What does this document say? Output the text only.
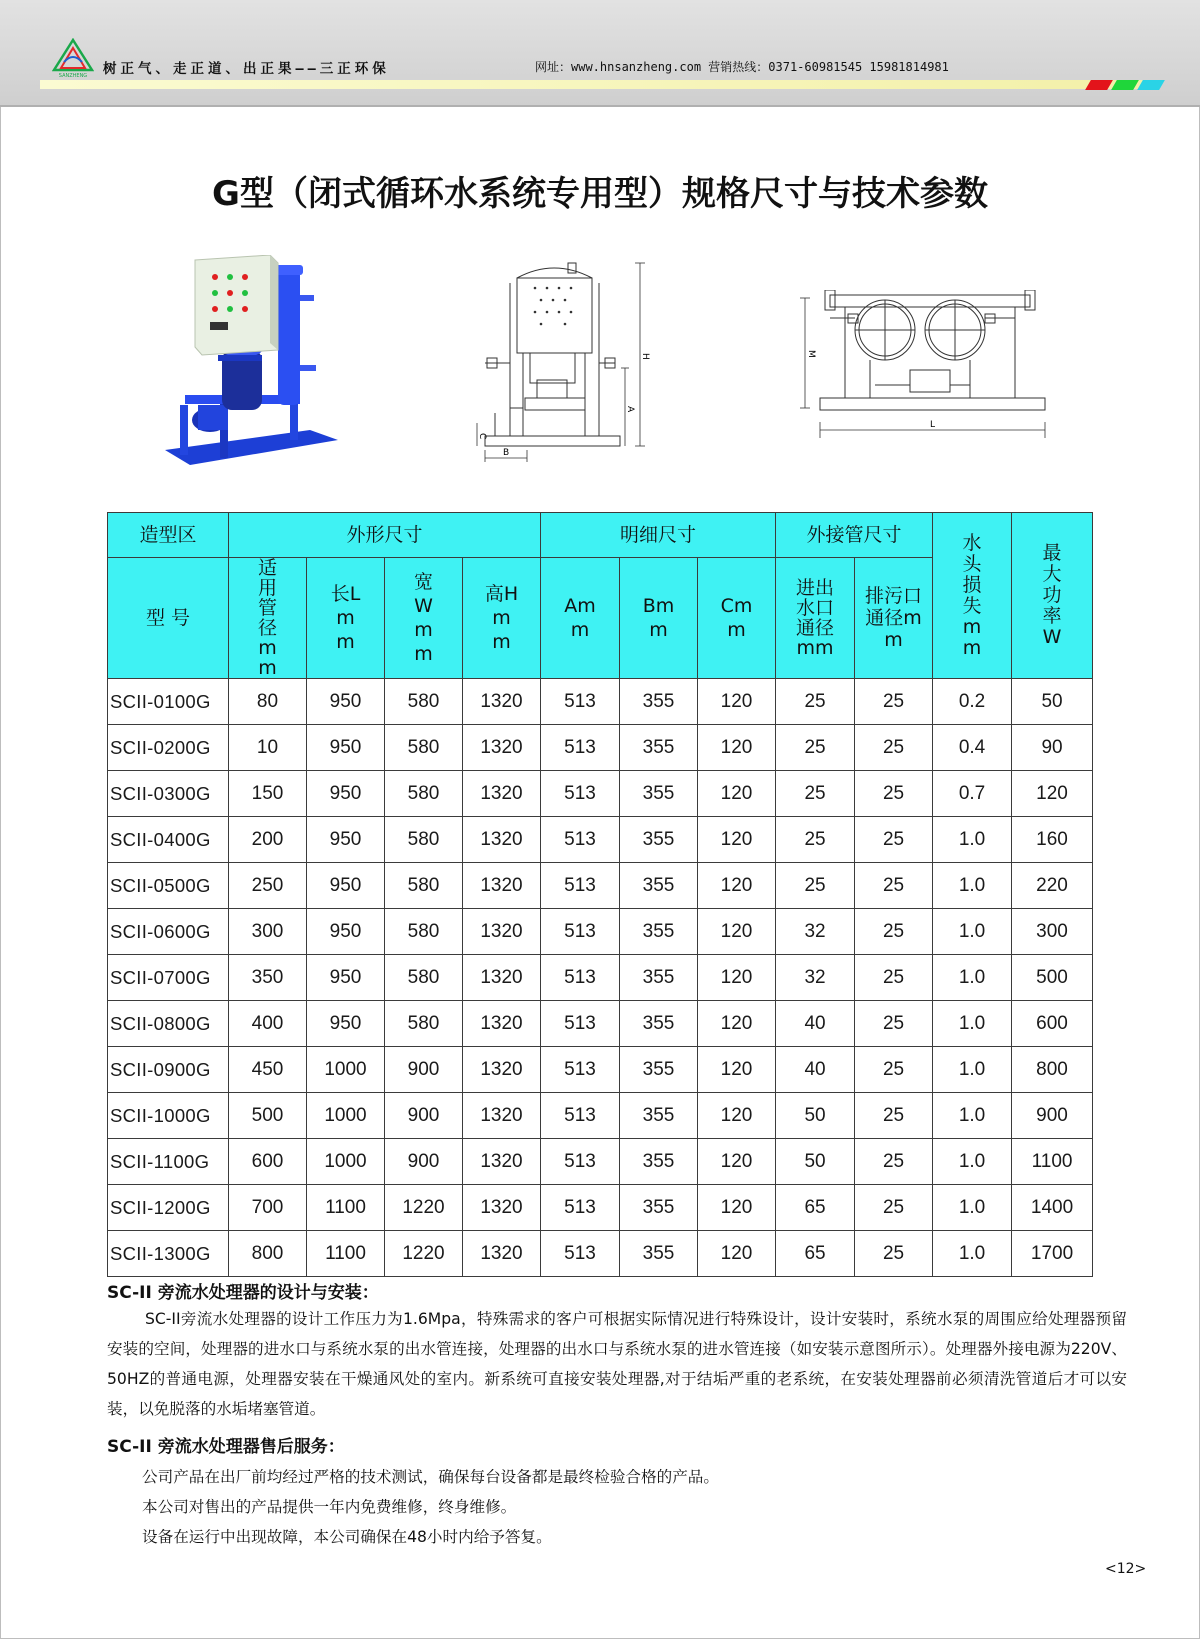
SANZHENG 树正气、走正道、出正果——三正环保	网址：www.hnsanzheng.com 营销热线：0371-60981545 15981814981
G型（闭式循环水系统专用型）规格尺寸与技术参数
H
A
C
B
M
L
造型区	外形尺寸				明细尺寸			外接管尺寸		水头损失mm	最大功率W

型 号	适用管径mm	长Lmm	宽Wmm	高Hmm	Amm	Bmm	Cmm	进出水口通径mm	排污口通径mm		

SCII-0100G	80	950	580	1320	513	355	120	25	25	0.2	50
SCII-0200G	10	950	580	1320	513	355	120	25	25	0.4	90
SCII-0300G	150	950	580	1320	513	355	120	25	25	0.7	120
SCII-0400G	200	950	580	1320	513	355	120	25	25	1.0	160
SCII-0500G	250	950	580	1320	513	355	120	25	25	1.0	220
SCII-0600G	300	950	580	1320	513	355	120	32	25	1.0	300
SCII-0700G	350	950	580	1320	513	355	120	32	25	1.0	500
SCII-0800G	400	950	580	1320	513	355	120	40	25	1.0	600
SCII-0900G	450	1000	900	1320	513	355	120	40	25	1.0	800
SCII-1000G	500	1000	900	1320	513	355	120	50	25	1.0	900
SCII-1100G	600	1000	900	1320	513	355	120	50	25	1.0	1100
SCII-1200G	700	1100	1220	1320	513	355	120	65	25	1.0	1400
SCII-1300G	800	1100	1220	1320	513	355	120	65	25	1.0	1700
SC-II 旁流水处理器的设计与安装：
SC-II旁流水处理器的设计工作压力为1.6Mpa，特殊需求的客户可根据实际情况进行特殊设计，设计安装时，系统水泵的周围应给处理器预留安装的空间，处理器的进水口与系统水泵的出水管连接，处理器的出水口与系统水泵的进水管连接（如安装示意图所示）。处理器外接电源为220V、50HZ的普通电源，处理器安装在干燥通风处的室内。新系统可直接安装处理器,对于结垢严重的老系统，在安装处理器前必须清洗管道后才可以安装，以免脱落的水垢堵塞管道。
SC-II 旁流水处理器售后服务：
公司产品在出厂前均经过严格的技术测试，确保每台设备都是最终检验合格的产品。
本公司对售出的产品提供一年内免费维修，终身维修。
设备在运行中出现故障，本公司确保在48小时内给予答复。
<12>
